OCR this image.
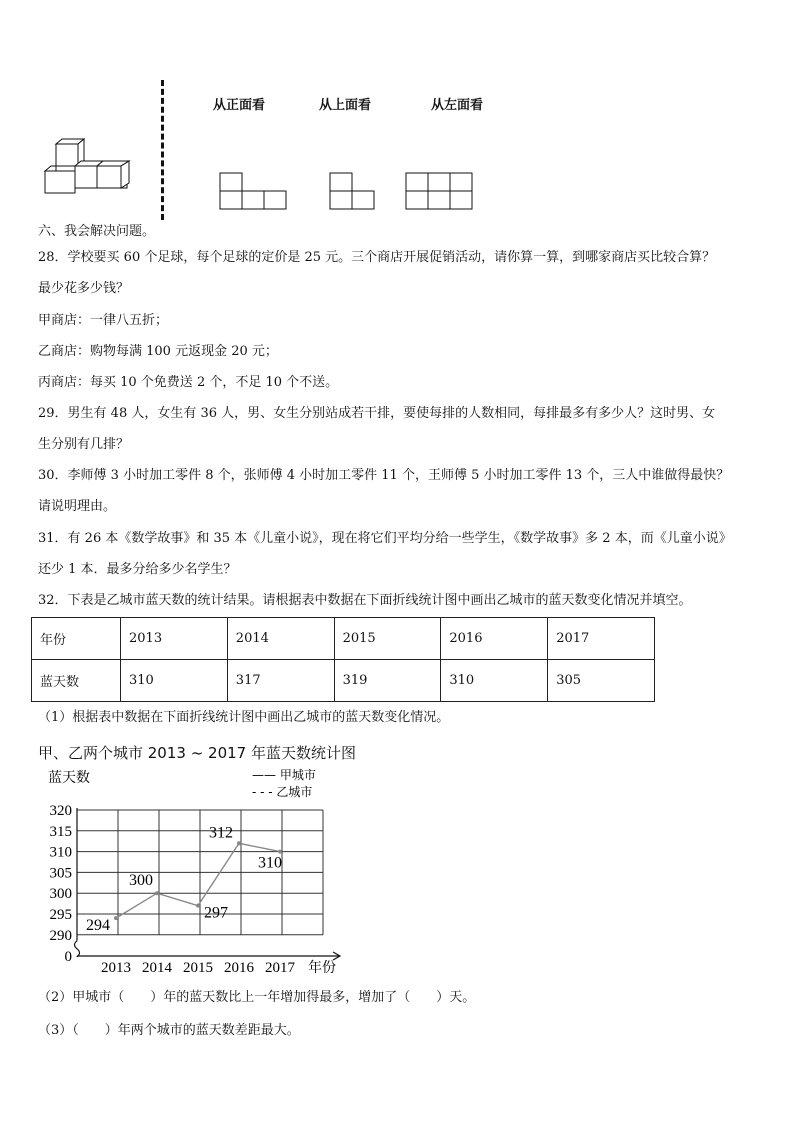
从正面看	从上面看	从左面看
六、我会解决问题。
28．学校要买 60 个足球，每个足球的定价是 25 元。三个商店开展促销活动，请你算一算，到哪家商店买比较合算？
最少花多少钱？
甲商店：一律八五折；
乙商店：购物每满 100 元返现金 20 元；
丙商店：每买 10 个免费送 2 个，不足 10 个不送。
29．男生有 48 人，女生有 36 人，男、女生分别站成若干排，要使每排的人数相同，每排最多有多少人？这时男、女
生分别有几排？
30．李师傅 3 小时加工零件 8 个，张师傅 4 小时加工零件 11 个，王师傅 5 小时加工零件 13 个，三人中谁做得最快？
请说明理由。
31．有 26 本《数学故事》和 35 本《儿童小说》，现在将它们平均分给一些学生，《数学故事》多 2 本，而《儿童小说》
还少 1 本．最多分给多少名学生？
32．下表是乙城市蓝天数的统计结果。请根据表中数据在下面折线统计图中画出乙城市的蓝天数变化情况并填空。
年份	2013	2014	2015	2016	2017
蓝天数	310	317	319	310	305
（1）根据表中数据在下面折线统计图中画出乙城市的蓝天数变化情况。
甲、乙两个城市 2013 ~ 2017 年蓝天数统计图
蓝天数	—— 甲城市
- - - 乙城市
年份
0
290
295
300
305
310
315
320
2013 2014 2015 2016 2017
294
300
297
312
310
（2）甲城市（　　）年的蓝天数比上一年增加得最多，增加了（　　）天。
（3）（　　）年两个城市的蓝天数差距最大。
